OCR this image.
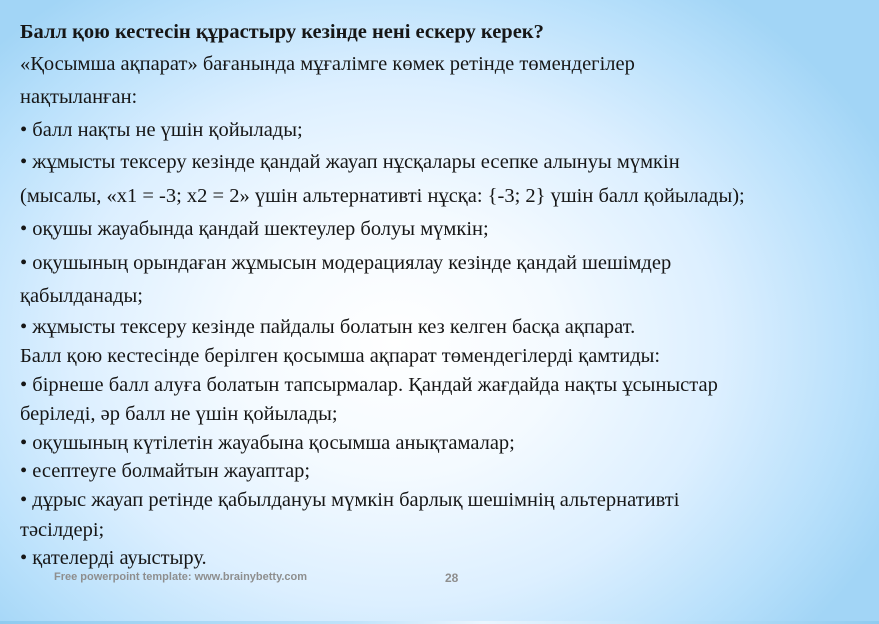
Балл қою кестесін құрастыру кезінде нені ескеру керек?
«Қосымша ақпарат» бағанында мұғалімге көмек ретінде төмендегілер
нақтыланған:
• балл нақты не үшін қойылады;
• жұмысты тексеру кезінде қандай жауап нұсқалары есепке алынуы мүмкін
(мысалы, «x1 = -3; x2 = 2» үшін альтернативті нұсқа: {-3; 2} үшін балл қойылады);
• оқушы жауабында қандай шектеулер болуы мүмкін;
• оқушының орындаған жұмысын модерациялау кезінде қандай шешімдер
қабылданады;
• жұмысты тексеру кезінде пайдалы болатын кез келген басқа ақпарат.
Балл қою кестесінде берілген қосымша ақпарат төмендегілерді қамтиды:
• бірнеше балл алуға болатын тапсырмалар. Қандай жағдайда нақты ұсыныстар
беріледі, әр балл не үшін қойылады;
• оқушының күтілетін жауабына қосымша анықтамалар;
• есептеуге болмайтын жауаптар;
• дұрыс жауап ретінде қабылдануы мүмкін барлық шешімнің альтернативті
тәсілдері;
• қателерді ауыстыру.
Free powerpoint template: www.brainybetty.com	28
